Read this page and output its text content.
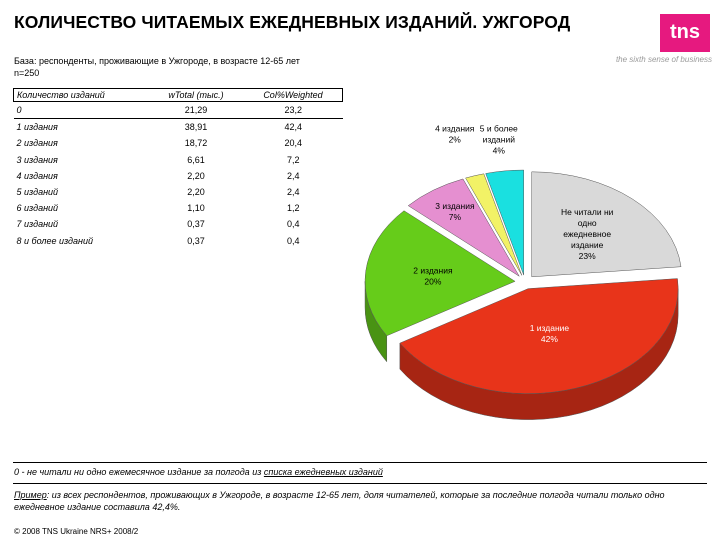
КОЛИЧЕСТВО ЧИТАЕМЫХ ЕЖЕДНЕВНЫХ ИЗДАНИЙ. УЖГОРОД	tns
the sixth sense of business
База: респонденты, проживающие в Ужгороде, в возрасте 12-65 лет
n=250
Количество изданий	wTotal (тыс.)	Col%Weighted
0	21,29	23,2
1 издания	38,91	42,4
2 издания	18,72	20,4
3 издания	6,61	7,2
4 издания	2,20	2,4
5 изданий	2,20	2,4
6 изданий	1,10	1,2
7 изданий	0,37	0,4
8 и более изданий	0,37	0,4
Не читали ни
одно
ежедневное
издание
23%
1 издание
42%
2 издания
20%
3 издания
7%
4 издания
2%
5 и более
изданий
4%
0 - не читали ни одно ежемесячное издание за полгода из списка ежедневных изданий
Пример: из всех респондентов, проживающих в Ужгороде, в возрасте 12-65 лет, доля читателей, которые за последние полгода читали только одно ежедневное издание составила 42,4%.
© 2008 TNS Ukraine NRS+ 2008/2
